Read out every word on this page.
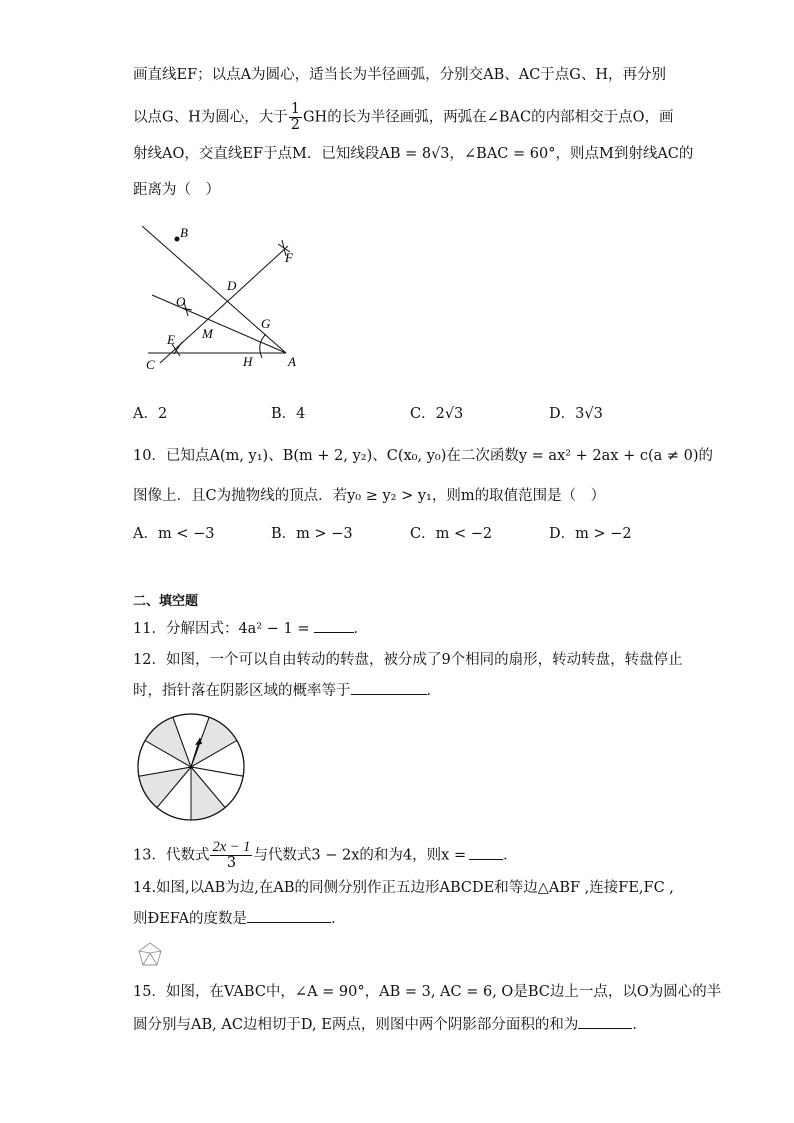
画直线EF；以点A为圆心，适当长为半径画弧，分别交AB、AC于点G、H，再分别
以点G、H为圆心，大于 $\frac{1}{2}$ GH的长为半径画弧，两弧在∠BAC的内部相交于点O，画
射线AO，交直线EF于点M．已知线段AB = 8√3，∠BAC = 60°，则点M到射线AC的
距离为（　）
B
F
D
O
G
M
E
C	H	A
A．2	B．4	C．2√3	D．3√3
10．已知点A(m, y₁)、B(m + 2, y₂)、C(x₀, y₀)在二次函数y = ax² + 2ax + c(a ≠ 0)的
图像上．且C为抛物线的顶点．若y₀ ≥ y₂ > y₁，则m的取值范围是（　）
A．m < −3	B．m > −3	C．m < −2	D．m > −2
二、填空题
11．分解因式：4a² − 1 =	．
12．如图，一个可以自由转动的转盘，被分成了9个相同的扇形，转动转盘，转盘停止
时，指针落在阴影区域的概率等于	．
13．代数式 $\frac{2x - 1}{3}$ 与代数式3 − 2x的和为4，则x =	．
14.如图,以AB为边,在AB的同侧分别作正五边形ABCDE和等边△ABF ,连接FE,FC ,
则ÐEFA的度数是	．
15．如图，在VABC中，∠A = 90°，AB = 3, AC = 6, O是BC边上一点，以O为圆心的半
圆分别与AB, AC边相切于D, E两点，则图中两个阴影部分面积的和为	．
